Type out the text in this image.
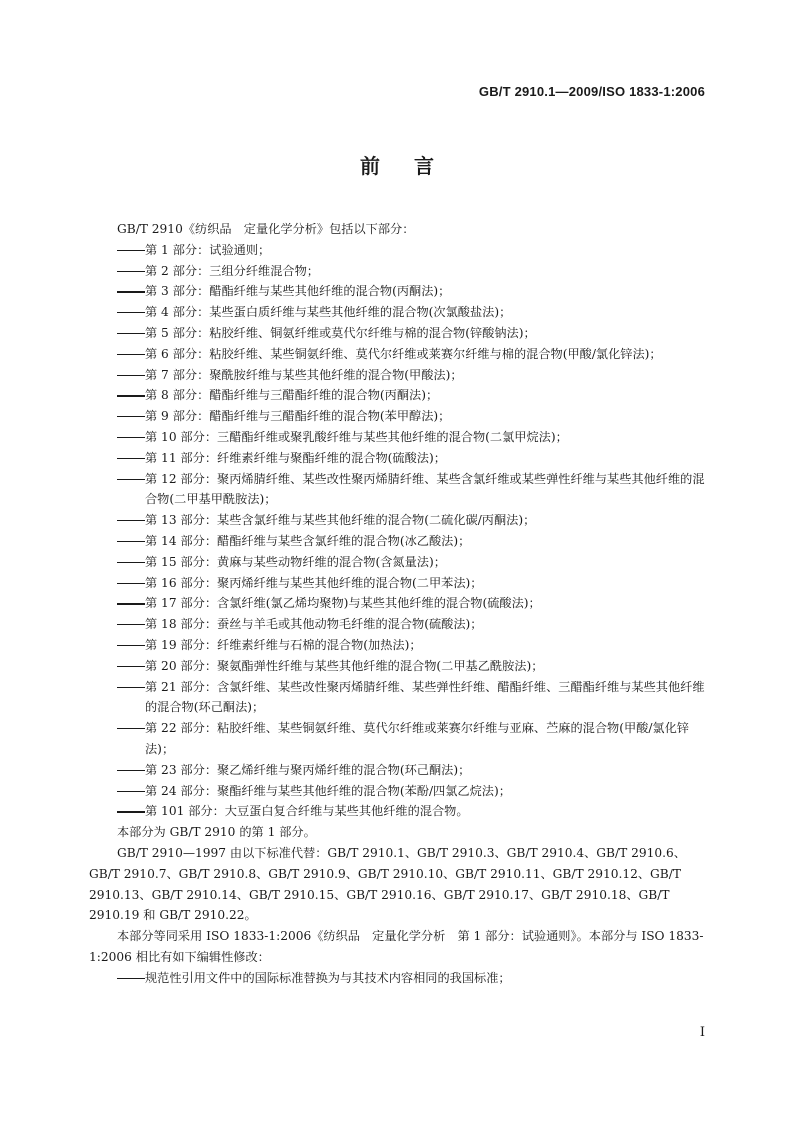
GB/T 2910.1—2009/ISO 1833-1:2006
前言

GB/T 2910《纺织品　定量化学分析》包括以下部分：

第 1 部分：试验通则；
第 2 部分：三组分纤维混合物；
第 3 部分：醋酯纤维与某些其他纤维的混合物(丙酮法)；
第 4 部分：某些蛋白质纤维与某些其他纤维的混合物(次氯酸盐法)；
第 5 部分：粘胶纤维、铜氨纤维或莫代尔纤维与棉的混合物(锌酸钠法)；
第 6 部分：粘胶纤维、某些铜氨纤维、莫代尔纤维或莱赛尔纤维与棉的混合物(甲酸/氯化锌法)；
第 7 部分：聚酰胺纤维与某些其他纤维的混合物(甲酸法)；
第 8 部分：醋酯纤维与三醋酯纤维的混合物(丙酮法)；
第 9 部分：醋酯纤维与三醋酯纤维的混合物(苯甲醇法)；
第 10 部分：三醋酯纤维或聚乳酸纤维与某些其他纤维的混合物(二氯甲烷法)；
第 11 部分：纤维素纤维与聚酯纤维的混合物(硫酸法)；
第 12 部分：聚丙烯腈纤维、某些改性聚丙烯腈纤维、某些含氯纤维或某些弹性纤维与某些其他纤维的混合物(二甲基甲酰胺法)；
第 13 部分：某些含氯纤维与某些其他纤维的混合物(二硫化碳/丙酮法)；
第 14 部分：醋酯纤维与某些含氯纤维的混合物(冰乙酸法)；
第 15 部分：黄麻与某些动物纤维的混合物(含氮量法)；
第 16 部分：聚丙烯纤维与某些其他纤维的混合物(二甲苯法)；
第 17 部分：含氯纤维(氯乙烯均聚物)与某些其他纤维的混合物(硫酸法)；
第 18 部分：蚕丝与羊毛或其他动物毛纤维的混合物(硫酸法)；
第 19 部分：纤维素纤维与石棉的混合物(加热法)；
第 20 部分：聚氨酯弹性纤维与某些其他纤维的混合物(二甲基乙酰胺法)；
第 21 部分：含氯纤维、某些改性聚丙烯腈纤维、某些弹性纤维、醋酯纤维、三醋酯纤维与某些其他纤维的混合物(环己酮法)；
第 22 部分：粘胶纤维、某些铜氨纤维、莫代尔纤维或莱赛尔纤维与亚麻、苎麻的混合物(甲酸/氯化锌法)；
第 23 部分：聚乙烯纤维与聚丙烯纤维的混合物(环己酮法)；
第 24 部分：聚酯纤维与某些其他纤维的混合物(苯酚/四氯乙烷法)；
第 101 部分：大豆蛋白复合纤维与某些其他纤维的混合物。

本部分为 GB/T 2910 的第 1 部分。

GB/T 2910—1997 由以下标准代替：GB/T 2910.1、GB/T 2910.3、GB/T 2910.4、GB/T 2910.6、GB/T 2910.7、GB/T 2910.8、GB/T 2910.9、GB/T 2910.10、GB/T 2910.11、GB/T 2910.12、GB/T 2910.13、GB/T 2910.14、GB/T 2910.15、GB/T 2910.16、GB/T 2910.17、GB/T 2910.18、GB/T 2910.19 和 GB/T 2910.22。

本部分等同采用 ISO 1833-1:2006《纺织品　定量化学分析　第 1 部分：试验通则》。本部分与 ISO 1833-1:2006 相比有如下编辑性修改：

规范性引用文件中的国际标准替换为与其技术内容相同的我国标准；
I
